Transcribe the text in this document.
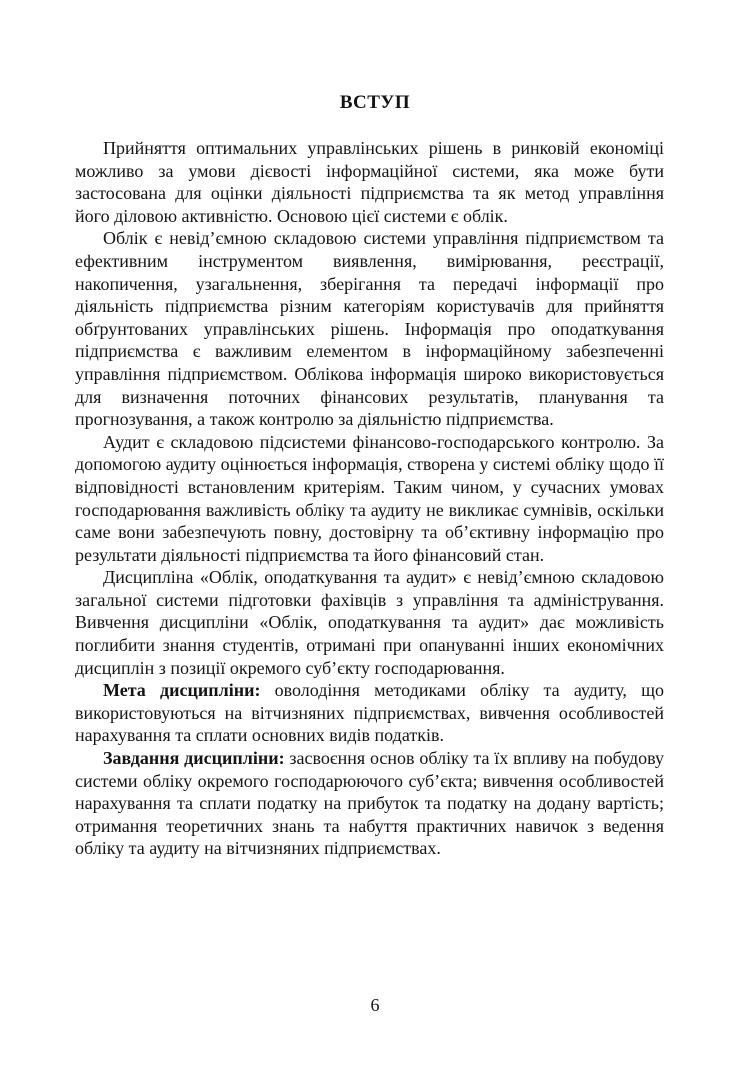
ВСТУП

Прийняття оптимальних управлінських рішень в ринковій економіці можливо за умови дієвості інформаційної системи, яка може бути застосована для оцінки діяльності підприємства та як метод управління його діловою активністю. Основою цієї системи є облік.

Облік є невід’ємною складовою системи управління підприємством та ефективним інструментом виявлення, вимірювання, реєстрації, накопичення, узагальнення, зберігання та передачі інформації про діяльність підприємства різним категоріям користувачів для прийняття обґрунтованих управлінських рішень. Інформація про оподаткування підприємства є важливим елементом в інформаційному забезпеченні управління підприємством. Облікова інформація широко використовується для визначення поточних фінансових результатів, планування та прогнозування, а також контролю за діяльністю підприємства.

Аудит є складовою підсистеми фінансово-господарського контролю. За допомогою аудиту оцінюється інформація, створена у системі обліку щодо її відповідності встановленим критеріям. Таким чином, у сучасних умовах господарювання важливість обліку та аудиту не викликає сумнівів, оскільки саме вони забезпечують повну, достовірну та об’єктивну інформацію про результати діяльності підприємства та його фінансовий стан.

Дисципліна «Облік, оподаткування та аудит» є невід’ємною складовою загальної системи підготовки фахівців з управління та адміністрування. Вивчення дисципліни «Облік, оподаткування та аудит» дає можливість поглибити знання студентів, отримані при опануванні інших економічних дисциплін з позиції окремого суб’єкту господарювання.

Мета дисципліни: оволодіння методиками обліку та аудиту, що використовуються на вітчизняних підприємствах, вивчення особливостей нарахування та сплати основних видів податків.

Завдання дисципліни: засвоєння основ обліку та їх впливу на побудову системи обліку окремого господарюючого суб’єкта; вивчення особливостей нарахування та сплати податку на прибуток та податку на додану вартість; отримання теоретичних знань та набуття практичних навичок з ведення обліку та аудиту на вітчизняних підприємствах.

6
